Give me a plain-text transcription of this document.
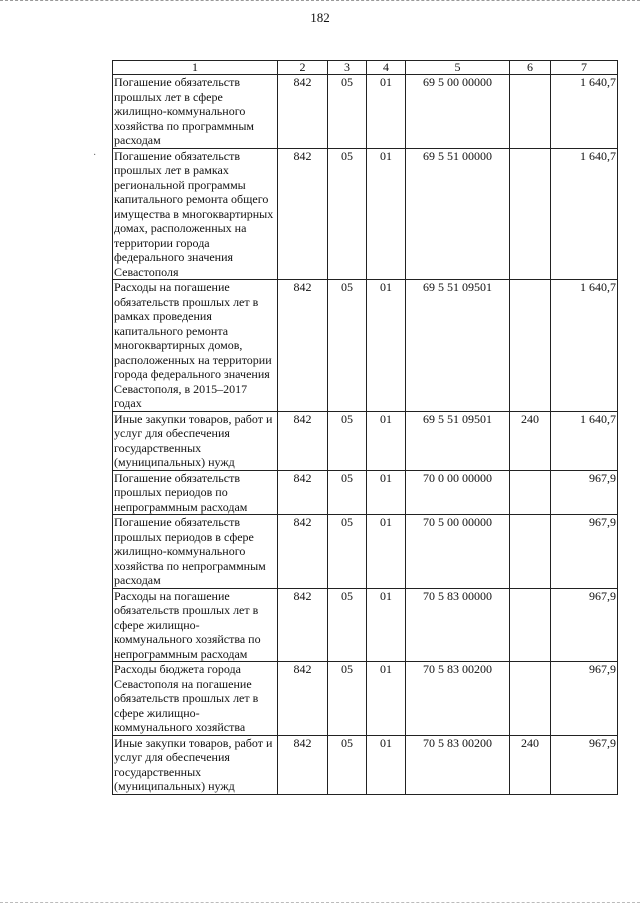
182
·
1	2	3	4	5	6	7
Погашение обязательств прошлых лет в сфере жилищно-коммунального хозяйства по программным расходам	842	05	01	69 5 00 00000		1 640,7
Погашение обязательств прошлых лет в рамках региональной программы капитального ремонта общего имущества в многоквартирных домах, расположенных на территории города федерального значения Севастополя	842	05	01	69 5 51 00000		1 640,7
Расходы на погашение обязательств прошлых лет в рамках проведения капитального ремонта многоквартирных домов, расположенных на территории города федерального значения Севастополя, в 2015–2017 годах	842	05	01	69 5 51 09501		1 640,7
Иные закупки товаров, работ и услуг для обеспечения государственных (муниципальных) нужд	842	05	01	69 5 51 09501	240	1 640,7
Погашение обязательств прошлых периодов по непрограммным расходам	842	05	01	70 0 00 00000		967,9
Погашение обязательств прошлых периодов в сфере жилищно-коммунального хозяйства по непрограммным расходам	842	05	01	70 5 00 00000		967,9
Расходы на погашение обязательств прошлых лет в сфере жилищно-коммунального хозяйства по непрограммным расходам	842	05	01	70 5 83 00000		967,9
Расходы бюджета города Севастополя на погашение обязательств прошлых лет в сфере жилищно-коммунального хозяйства	842	05	01	70 5 83 00200		967,9
Иные закупки товаров, работ и услуг для обеспечения государственных (муниципальных) нужд	842	05	01	70 5 83 00200	240	967,9
